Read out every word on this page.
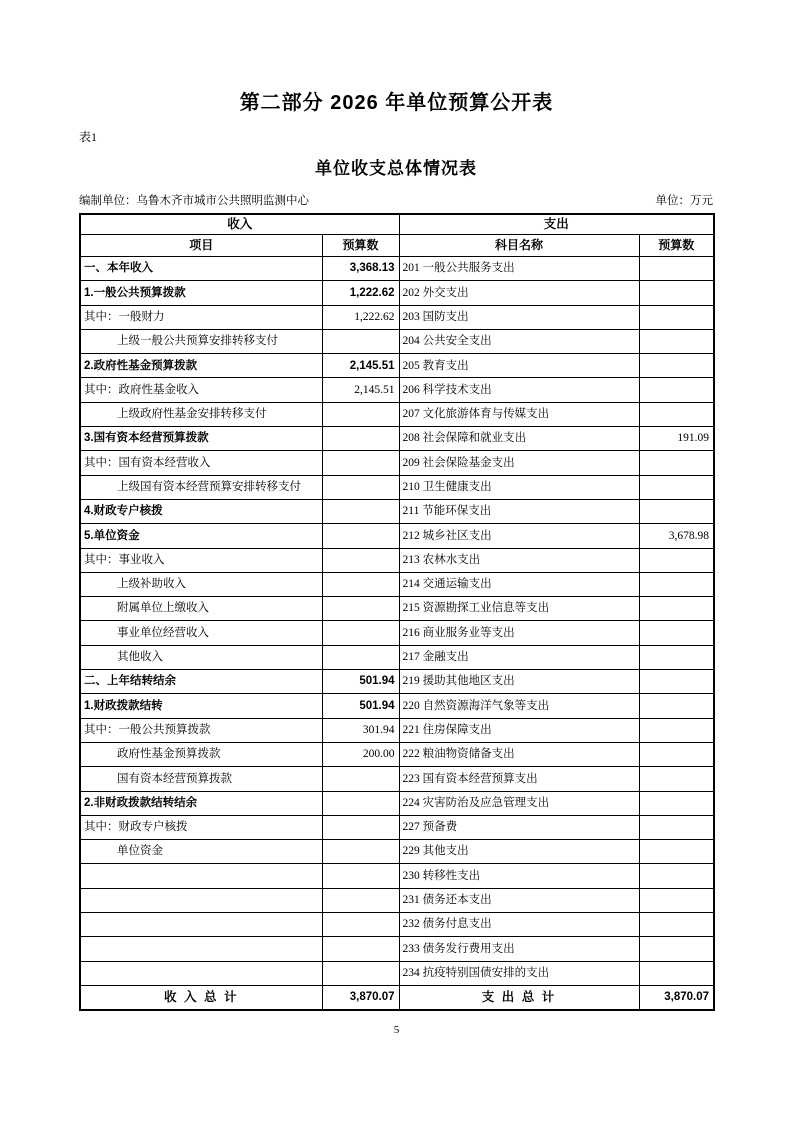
第二部分 2026 年单位预算公开表
表1
单位收支总体情况表
编制单位：乌鲁木齐市城市公共照明监测中心	单位：万元
收入		支出	
项目	预算数	科目名称	预算数
一、本年收入	3,368.13	201 一般公共服务支出	
1.一般公共预算拨款	1,222.62	202 外交支出	
其中：一般财力	1,222.62	203 国防支出	
上级一般公共预算安排转移支付		204 公共安全支出	
2.政府性基金预算拨款	2,145.51	205 教育支出	
其中：政府性基金收入	2,145.51	206 科学技术支出	
上级政府性基金安排转移支付		207 文化旅游体育与传媒支出	
3.国有资本经营预算拨款		208 社会保障和就业支出	191.09
其中：国有资本经营收入		209 社会保险基金支出	
上级国有资本经营预算安排转移支付		210 卫生健康支出	
4.财政专户核拨		211 节能环保支出	
5.单位资金		212 城乡社区支出	3,678.98
其中：事业收入		213 农林水支出	
上级补助收入		214 交通运输支出	
附属单位上缴收入		215 资源勘探工业信息等支出	
事业单位经营收入		216 商业服务业等支出	
其他收入		217 金融支出	
二、上年结转结余	501.94	219 援助其他地区支出	
1.财政拨款结转	501.94	220 自然资源海洋气象等支出	
其中：一般公共预算拨款	301.94	221 住房保障支出	
政府性基金预算拨款	200.00	222 粮油物资储备支出	
国有资本经营预算拨款		223 国有资本经营预算支出	
2.非财政拨款结转结余		224 灾害防治及应急管理支出	
其中：财政专户核拨		227 预备费	
单位资金		229 其他支出	
		230 转移性支出	
		231 债务还本支出	
		232 债务付息支出	
		233 债务发行费用支出	
		234 抗疫特别国债安排的支出	
收 入 总 计	3,870.07	支 出 总 计	3,870.07
5
